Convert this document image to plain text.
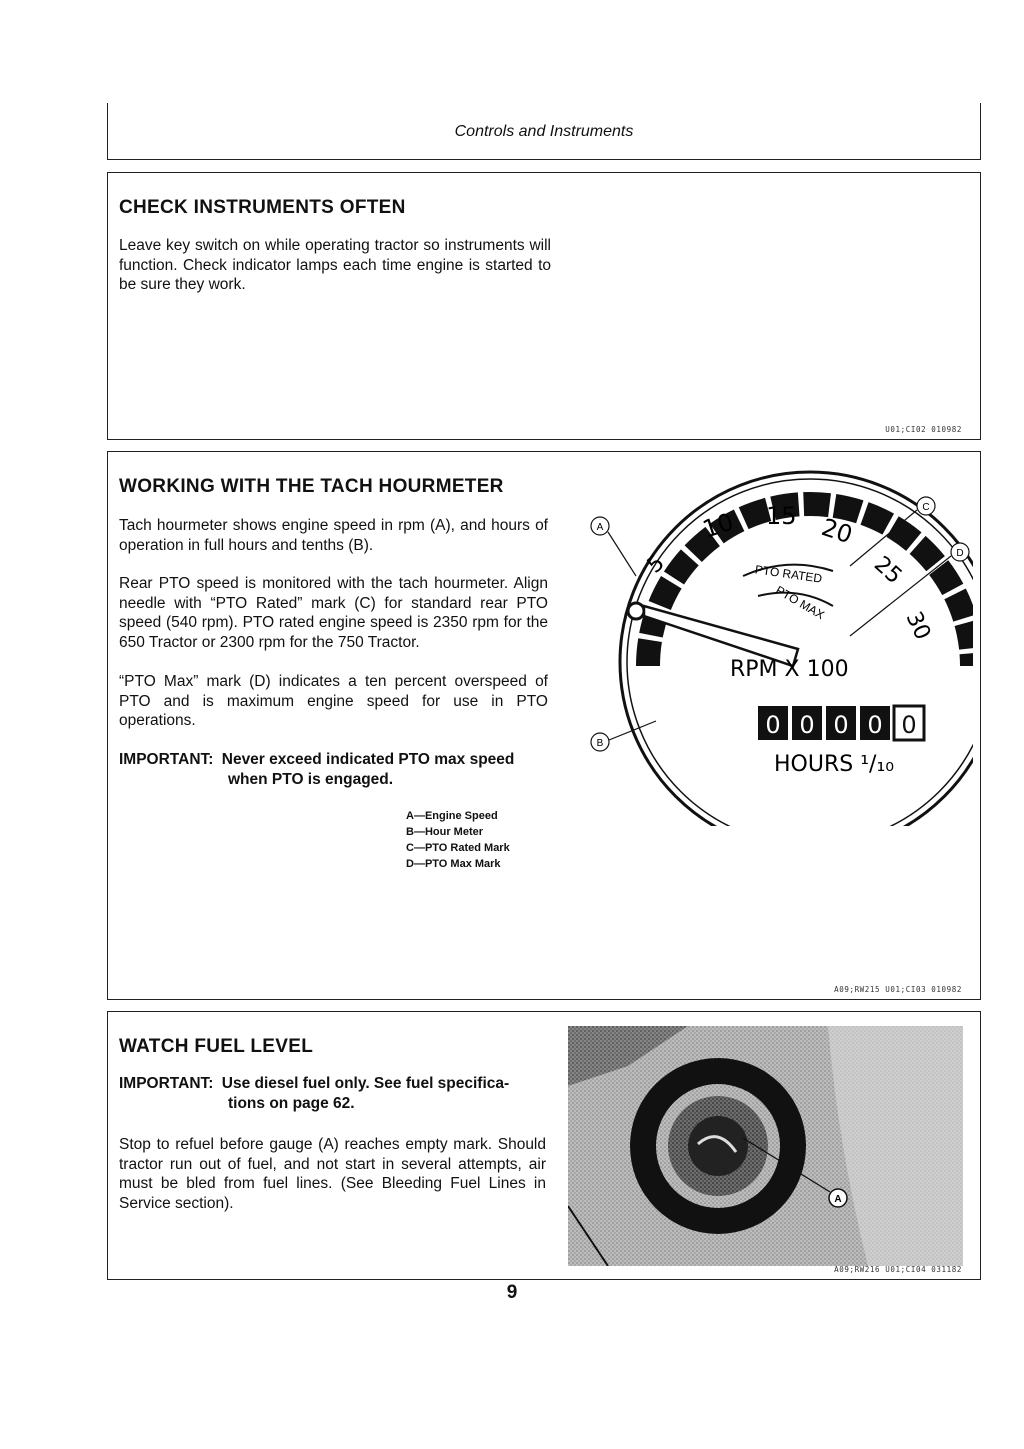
Controls and Instruments
CHECK INSTRUMENTS OFTEN
Leave key switch on while operating tractor so instruments will function. Check indicator lamps each time engine is started to be sure they work.
U01;CI02 010982
WORKING WITH THE TACH HOURMETER
Tach hourmeter shows engine speed in rpm (A), and hours of operation in full hours and tenths (B).
Rear PTO speed is monitored with the tach hourmeter. Align needle with “PTO Rated” mark (C) for standard rear PTO speed (540 rpm). PTO rated engine speed is 2350 rpm for the 650 Tractor or 2300 rpm for the 750 Tractor.
“PTO Max” mark (D) indicates a ten percent overspeed of PTO and is maximum engine speed for use in PTO operations.
IMPORTANT: Never exceed indicated PTO max speed
when PTO is engaged.
A—Engine Speed
B—Hour Meter
C—PTO Rated Mark
D—PTO Max Mark
PTO RATED
PTO MAX
5
10 15 20
25
30
RPM X 100
0 0 0 0 0
HOURS ¹/₁₀
A
B
C
D
A09;RW215 U01;CI03 010982
WATCH FUEL LEVEL
IMPORTANT: Use diesel fuel only. See fuel specifica-
tions on page 62.
Stop to refuel before gauge (A) reaches empty mark. Should tractor run out of fuel, and not start in several attempts, air must be bled from fuel lines. (See Bleeding Fuel Lines in Service section).	A
A09;RW216 U01;CI04 031182
9
